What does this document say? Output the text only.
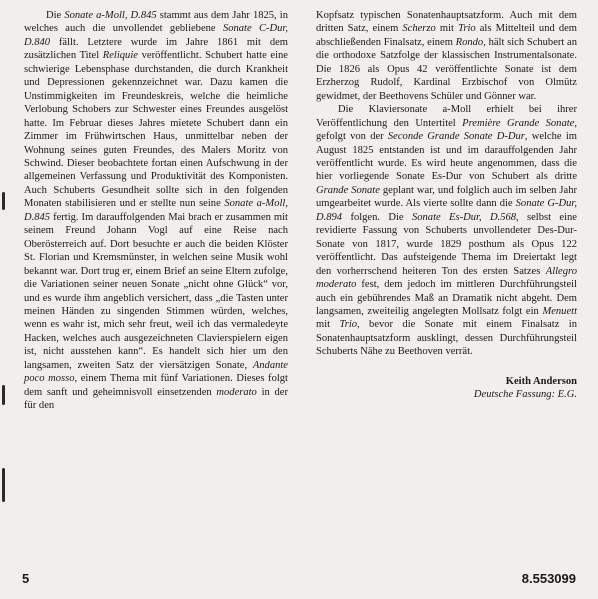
Die Sonate a-Moll, D.845 stammt aus dem Jahr 1825, in welches auch die unvollendet gebliebene Sonate C-Dur, D.840 fällt. Letztere wurde im Jahre 1861 mit dem zusätzlichen Titel Reliquie veröffentlicht. Schubert hatte eine schwierige Lebensphase durchstanden, die durch Krankheit und Depressionen gekennzeichnet war. Dazu kamen die Unstimmigkeiten im Freundeskreis, welche die heimliche Verlobung Schobers zur Schwester eines Freundes ausgelöst hatte. Im Februar dieses Jahres mietete Schubert dann ein Zimmer im Frühwirtschen Haus, unmittelbar neben der Wohnung seines guten Freundes, des Malers Moritz von Schwind. Dieser beobachtete fortan einen Aufschwung in der allgemeinen Verfassung und Produktivität des Komponisten. Auch Schuberts Gesundheit sollte sich in den folgenden Monaten stabilisieren und er stellte nun seine Sonate a-Moll, D.845 fertig. Im darauffolgenden Mai brach er zusammen mit seinem Freund Johann Vogl auf eine Reise nach Oberösterreich auf. Dort besuchte er auch die beiden Klöster St. Florian und Kremsmünster, in welchen seine Musik wohl bekannt war. Dort trug er, einem Brief an seine Eltern zufolge, die Variationen seiner neuen Sonate „nicht ohne Glück“ vor, und es wurde ihm angeblich versichert, dass „die Tasten unter meinen Händen zu singenden Stimmen würden, welches, wenn es wahr ist, mich sehr freut, weil ich das vermaledeyte Hacken, welches auch ausgezeichneten Clavierspielern eigen ist, nicht ausstehen kann“. Es handelt sich hier um den langsamen, zweiten Satz der viersätzigen Sonate, Andante poco mosso, einem Thema mit fünf Variationen. Dieses folgt dem sanft und geheimnisvoll einsetzenden moderato in der für den

Kopfsatz typischen Sonatenhauptsatzform. Auch mit dem dritten Satz, einem Scherzo mit Trio als Mittelteil und dem abschließenden Finalsatz, einem Rondo, hält sich Schubert an die orthodoxe Satzfolge der klassischen Instrumentalsonate. Die 1826 als Opus 42 veröffentlichte Sonate ist dem Erzherzog Rudolf, Kardinal Erzbischof von Olmütz gewidmet, der Beethovens Schüler und Gönner war.

Die Klaviersonate a-Moll erhielt bei ihrer Veröffentlichung den Untertitel Première Grande Sonate, gefolgt von der Seconde Grande Sonate D-Dur, welche im August 1825 entstanden ist und im darauffolgenden Jahr veröffentlicht wurde. Es wird heute angenommen, dass die hier vorliegende Sonate Es-Dur von Schubert als dritte Grande Sonate geplant war, und folglich auch im selben Jahr umgearbeitet wurde. Als vierte sollte dann die Sonate G-Dur, D.894 folgen. Die Sonate Es-Dur, D.568, selbst eine revidierte Fassung von Schuberts unvollendeter Des-Dur-Sonate von 1817, wurde 1829 posthum als Opus 122 veröffentlicht. Das aufsteigende Thema im Dreiertakt legt den vorherrschend heiteren Ton des ersten Satzes Allegro moderato fest, dem jedoch im mittleren Durchführungsteil auch ein gebührendes Maß an Dramatik nicht abgeht. Dem langsamen, zweiteilig angelegten Mollsatz folgt ein Menuett mit Trio, bevor die Sonate mit einem Finalsatz in Sonatenhauptsatzform ausklingt, dessen Durchführungsteil Schuberts Nähe zu Beethoven verrät.

Keith Anderson
Deutsche Fassung: E.G.
5	8.553099
